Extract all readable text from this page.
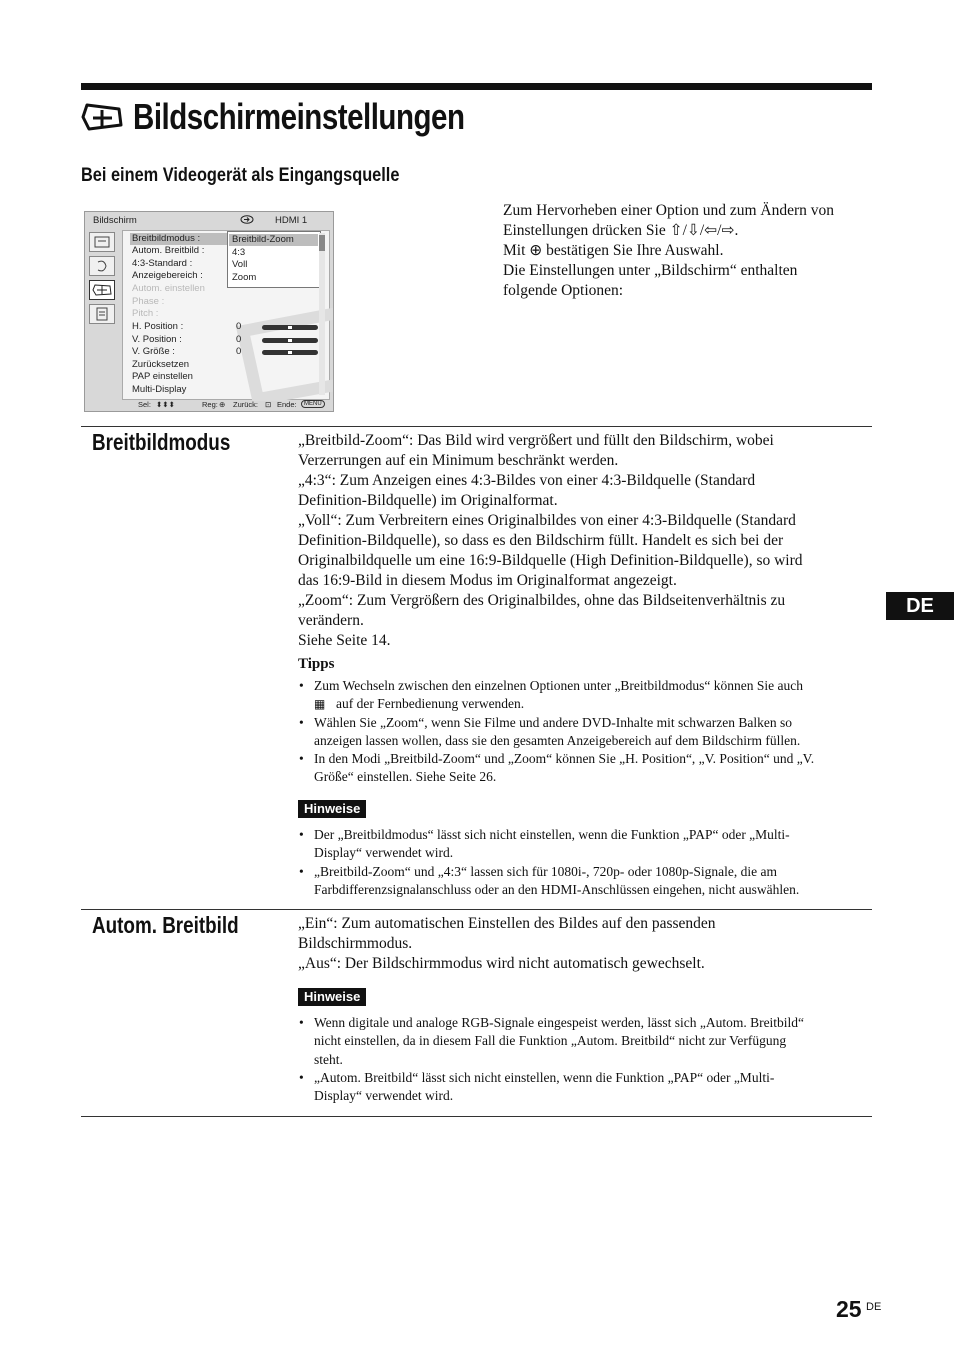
Bildschirmeinstellungen
Bei einem Videogerät als Eingangsquelle
Bildschirm	HDMI 1
Breitbildmodus :
Autom. Breitbild :
4:3-Standard :
Anzeigebereich :
Autom. einstellen
Phase :
Pitch :
H. Position :
V. Position :
V. Größe :
Zurücksetzen
PAP einstellen
Multi-Display
0
0
0
Breitbild-Zoom
4:3
Voll
Zoom
Sel: ⬍⬍⬍	Reg: ⊕ Zurück: ⊡ Ende:	MENU
Zum Hervorheben einer Option und zum Ändern von
Einstellungen drücken Sie ⇧/⇩/⇦/⇨.
Mit ⊕ bestätigen Sie Ihre Auswahl.
Die Einstellungen unter „Bildschirm“ enthalten
folgende Optionen:
Breitbildmodus	„Breitbild-Zoom“: Das Bild wird vergrößert und füllt den Bildschirm, wobei
Verzerrungen auf ein Minimum beschränkt werden.
„4:3“: Zum Anzeigen eines 4:3-Bildes von einer 4:3-Bildquelle (Standard
Definition-Bildquelle) im Originalformat.
„Voll“: Zum Verbreitern eines Originalbildes von einer 4:3-Bildquelle (Standard
Definition-Bildquelle), so dass es den Bildschirm füllt. Handelt es sich bei der
Originalbildquelle um eine 16:9-Bildquelle (High Definition-Bildquelle), so wird
das 16:9-Bild in diesem Modus im Originalformat angezeigt.
„Zoom“: Zum Vergrößern des Originalbildes, ohne das Bildseitenverhältnis zu
verändern.
Siehe Seite 14.
Tipps
• Zum Wechseln zwischen den einzelnen Optionen unter „Breitbildmodus“ können Sie auch
▦ auf der Fernbedienung verwenden.
• Wählen Sie „Zoom“, wenn Sie Filme und andere DVD-Inhalte mit schwarzen Balken so
anzeigen lassen wollen, dass sie den gesamten Anzeigebereich auf dem Bildschirm füllen.
• In den Modi „Breitbild-Zoom“ und „Zoom“ können Sie „H. Position“, „V. Position“ und „V.
Größe“ einstellen. Siehe Seite 26.
Hinweise
• Der „Breitbildmodus“ lässt sich nicht einstellen, wenn die Funktion „PAP“ oder „Multi-
Display“ verwendet wird.
• „Breitbild-Zoom“ und „4:3“ lassen sich für 1080i-, 720p- oder 1080p-Signale, die am
Farbdifferenzsignalanschluss oder an den HDMI-Anschlüssen eingehen, nicht auswählen.
Autom. Breitbild	„Ein“: Zum automatischen Einstellen des Bildes auf den passenden
Bildschirmmodus.
„Aus“: Der Bildschirmmodus wird nicht automatisch gewechselt.
Hinweise
• Wenn digitale und analoge RGB-Signale eingespeist werden, lässt sich „Autom. Breitbild“
nicht einstellen, da in diesem Fall die Funktion „Autom. Breitbild“ nicht zur Verfügung
steht.
• „Autom. Breitbild“ lässt sich nicht einstellen, wenn die Funktion „PAP“ oder „Multi-
Display“ verwendet wird.
DE
25 DE
